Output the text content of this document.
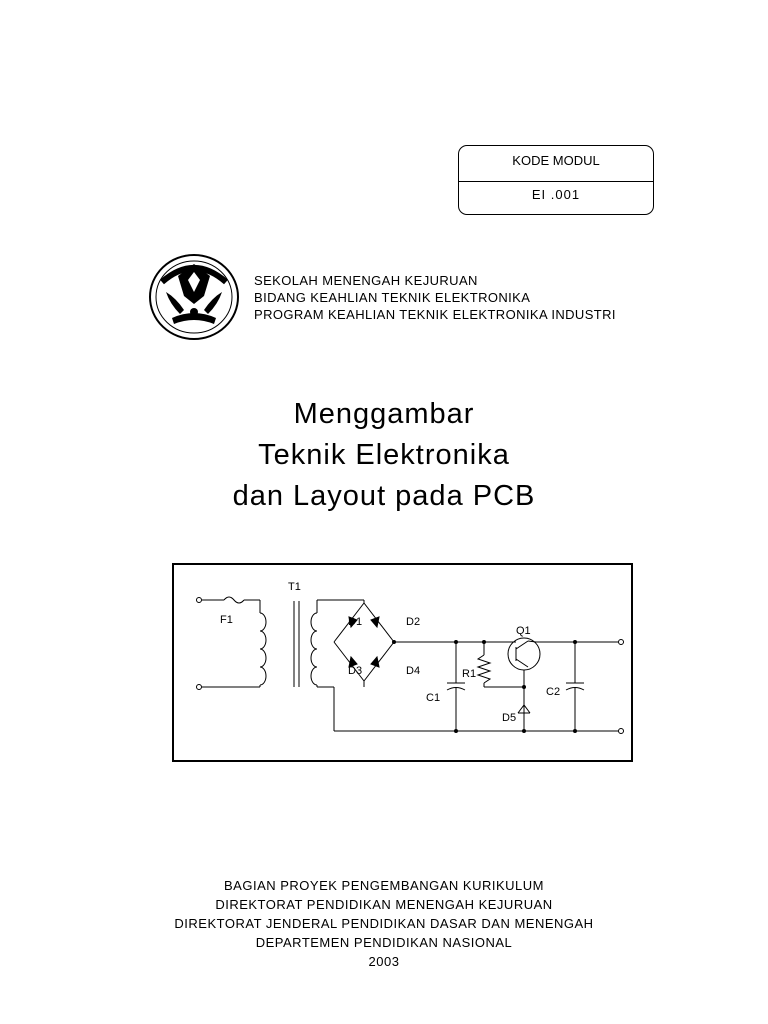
KODE MODUL
EI .001
SEKOLAH MENENGAH KEJURUAN
BIDANG KEAHLIAN TEKNIK ELEKTRONIKA
PROGRAM KEAHLIAN TEKNIK ELEKTRONIKA INDUSTRI
Menggambar
Teknik Elektronika
dan Layout pada PCB
T1
F1	D1	D2
D3	D4
Q1
R1
C1	C2
D5
BAGIAN PROYEK PENGEMBANGAN KURIKULUM
DIREKTORAT PENDIDIKAN MENENGAH KEJURUAN
DIREKTORAT JENDERAL PENDIDIKAN DASAR DAN MENENGAH
DEPARTEMEN PENDIDIKAN NASIONAL
2003
